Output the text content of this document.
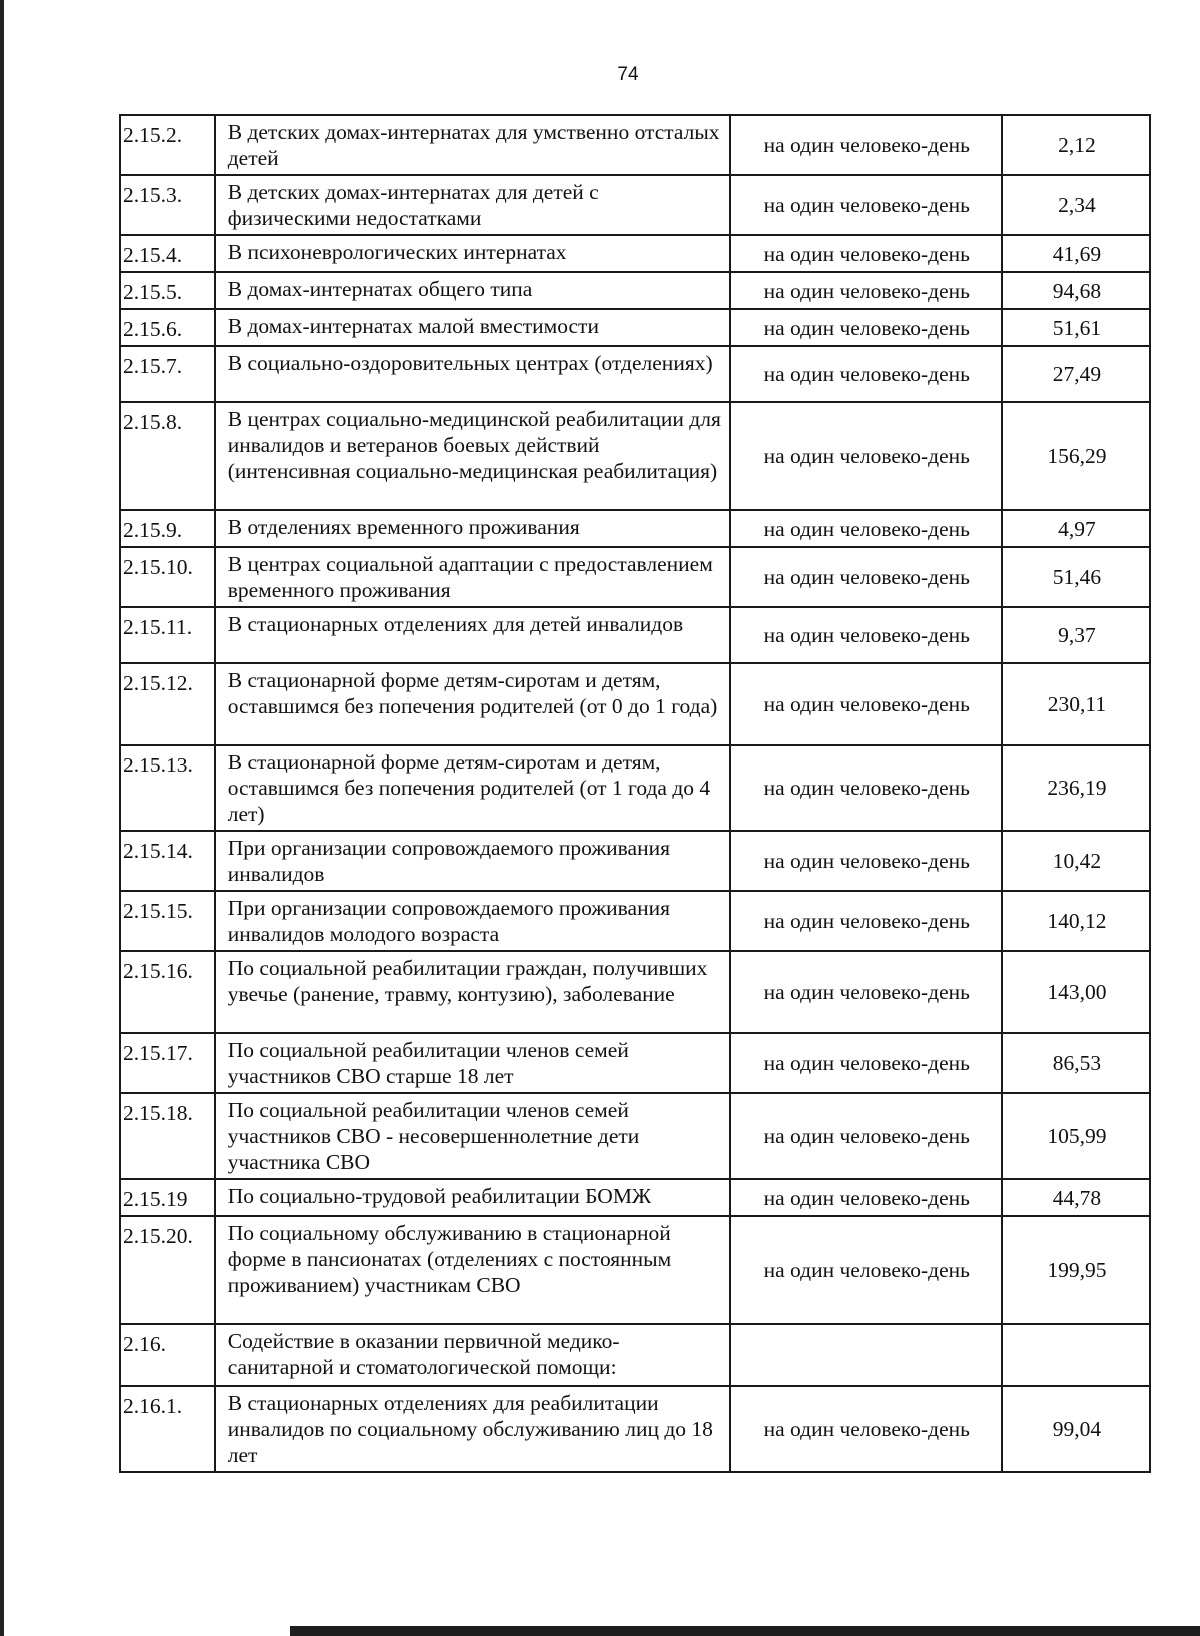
74
2.15.2.	В детских домах-интернатах для умственно отсталых детей	на один человеко-день	2,12
2.15.3.	В детских домах-интернатах для детей с физическими недостатками	на один человеко-день	2,34
2.15.4.	В психоневрологических интернатах	на один человеко-день	41,69
2.15.5.	В домах-интернатах общего типа	на один человеко-день	94,68
2.15.6.	В домах-интернатах малой вместимости	на один человеко-день	51,61
2.15.7.	В социально-оздоровительных центрах (отделениях)	на один человеко-день	27,49
2.15.8.	В центрах социально-медицинской реабилитации для инвалидов и ветеранов боевых действий (интенсивная социально-медицинская реабилитация)	на один человеко-день	156,29
2.15.9.	В отделениях временного проживания	на один человеко-день	4,97
2.15.10.	В центрах социальной адаптации с предоставлением временного проживания	на один человеко-день	51,46
2.15.11.	В стационарных отделениях для детей инвалидов	на один человеко-день	9,37
2.15.12.	В стационарной форме детям-сиротам и детям, оставшимся без попечения родителей (от 0 до 1 года)	на один человеко-день	230,11
2.15.13.	В стационарной форме детям-сиротам и детям, оставшимся без попечения родителей (от 1 года до 4 лет)	на один человеко-день	236,19
2.15.14.	При организации сопровождаемого проживания инвалидов	на один человеко-день	10,42
2.15.15.	При организации сопровождаемого проживания инвалидов молодого возраста	на один человеко-день	140,12
2.15.16.	По социальной реабилитации граждан, получивших увечье (ранение, травму, контузию), заболевание	на один человеко-день	143,00
2.15.17.	По социальной реабилитации членов семей участников СВО старше 18 лет	на один человеко-день	86,53
2.15.18.	По социальной реабилитации членов семей участников СВО - несовершеннолетние дети участника СВО	на один человеко-день	105,99
2.15.19	По социально-трудовой реабилитации БОМЖ	на один человеко-день	44,78
2.15.20.	По социальному обслуживанию в стационарной форме в пансионатах (отделениях с постоянным проживанием) участникам СВО	на один человеко-день	199,95
2.16.	Содействие в оказании первичной медико-санитарной и стоматологической помощи:		
2.16.1.	В стационарных отделениях для реабилитации инвалидов по социальному обслуживанию лиц до 18 лет	на один человеко-день	99,04
